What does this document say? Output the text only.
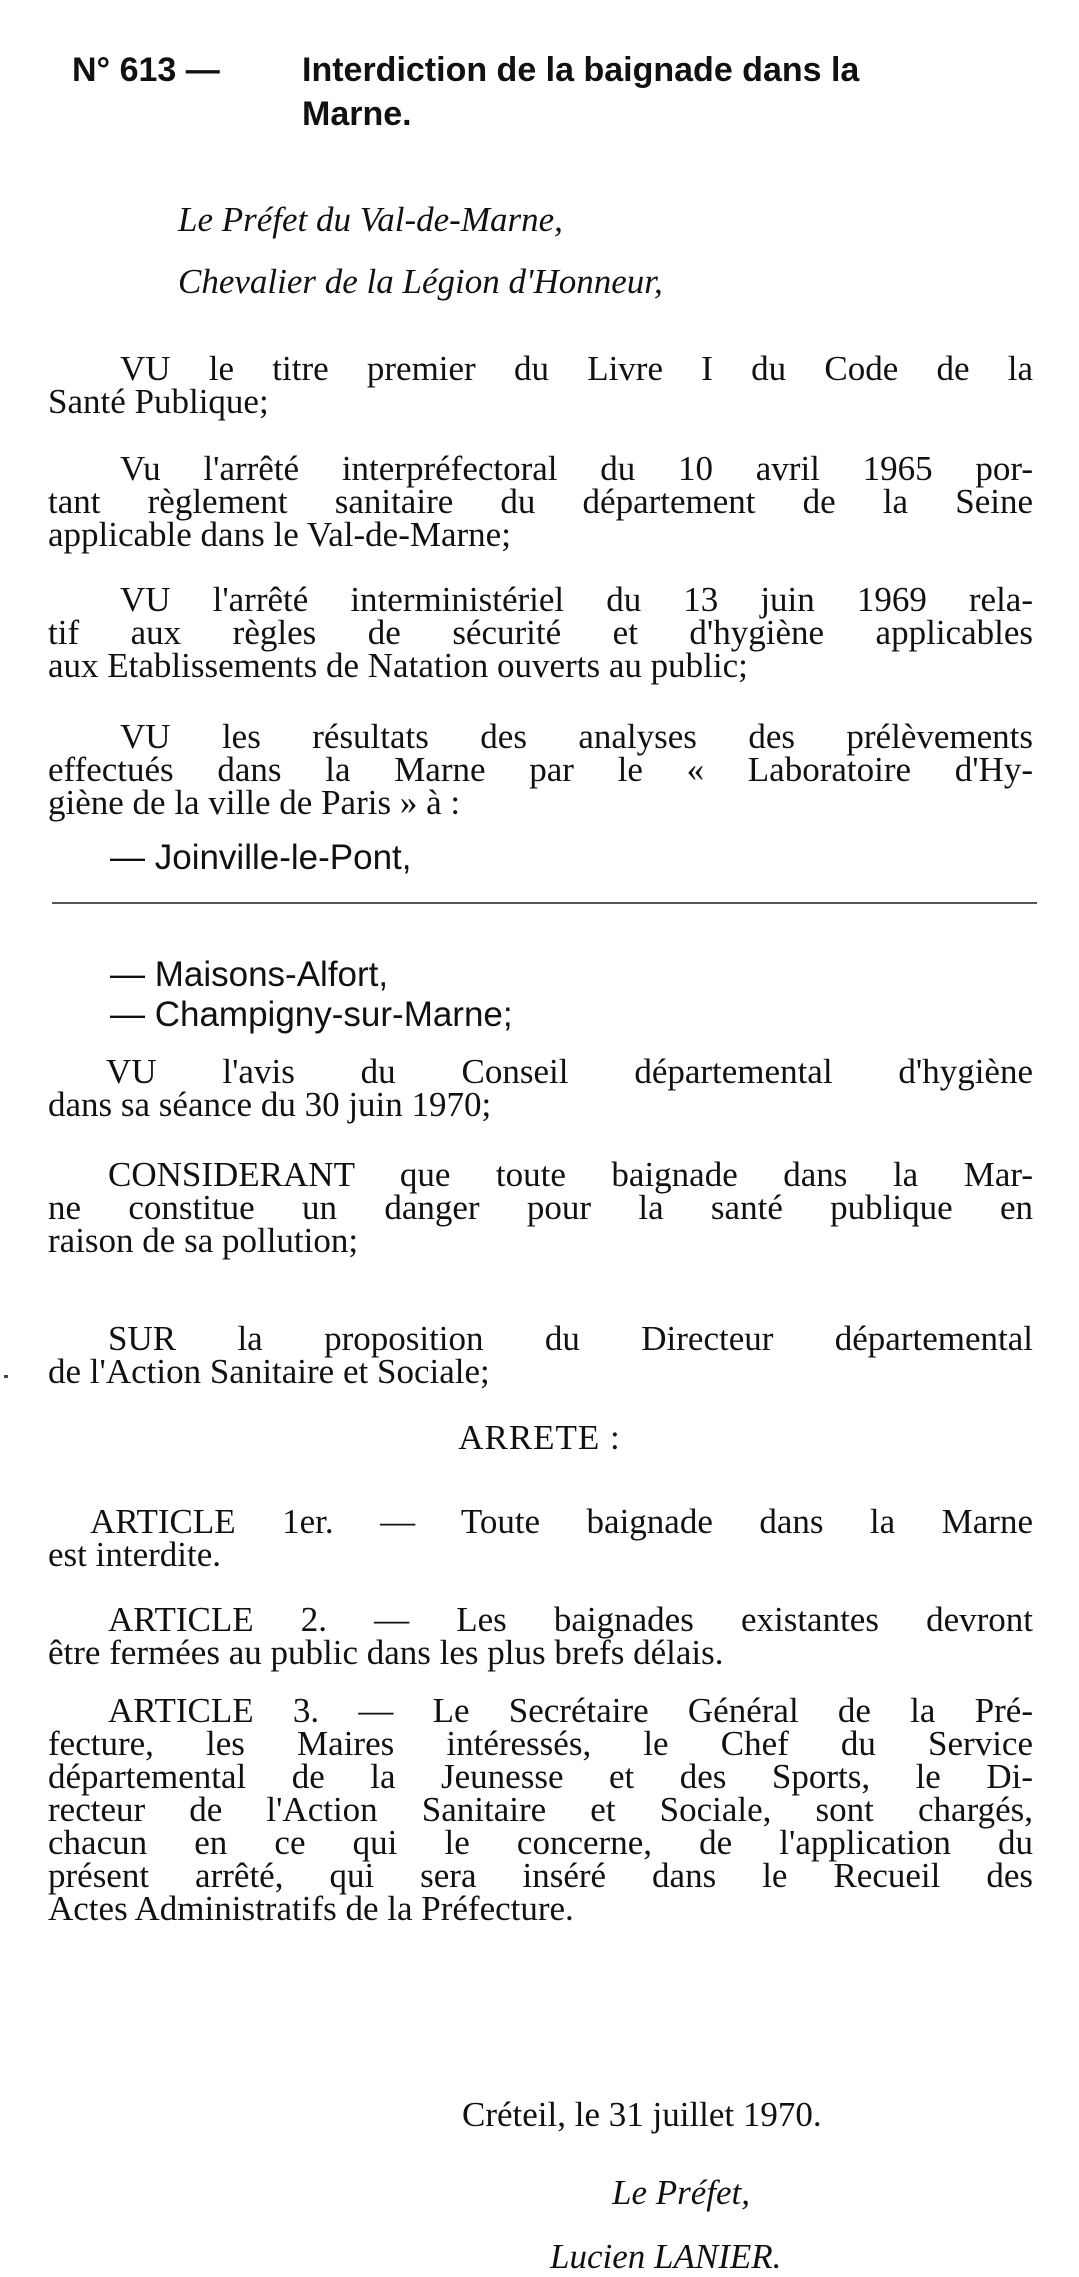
N° 613 — Interdiction de la baignade dans la
Marne.
Le Préfet du Val-de-Marne,
Chevalier de la Légion d'Honneur,
VU le titre premier du Livre I du Code de la
Santé Publique;
Vu l'arrêté interpréfectoral du 10 avril 1965 por-
tant règlement sanitaire du département de la Seine
applicable dans le Val-de-Marne;
VU l'arrêté interministériel du 13 juin 1969 rela-
tif aux règles de sécurité et d'hygiène applicables
aux Etablissements de Natation ouverts au public;
VU les résultats des analyses des prélèvements
effectués dans la Marne par le « Laboratoire d'Hy-
giène de la ville de Paris » à :
— Joinville-le-Pont,
— Maisons-Alfort,
— Champigny-sur-Marne;
VU l'avis du Conseil départemental d'hygiène
dans sa séance du 30 juin 1970;
CONSIDERANT que toute baignade dans la Mar-
ne constitue un danger pour la santé publique en
raison de sa pollution;
SUR la proposition du Directeur départemental
de l'Action Sanitaire et Sociale;
ARRETE :
ARTICLE 1er. — Toute baignade dans la Marne
est interdite.
ARTICLE 2. — Les baignades existantes devront
être fermées au public dans les plus brefs délais.
ARTICLE 3. — Le Secrétaire Général de la Pré-
fecture, les Maires intéressés, le Chef du Service
départemental de la Jeunesse et des Sports, le Di-
recteur de l'Action Sanitaire et Sociale, sont chargés,
chacun en ce qui le concerne, de l'application du
présent arrêté, qui sera inséré dans le Recueil des
Actes Administratifs de la Préfecture.
Créteil, le 31 juillet 1970.
Le Préfet,
Lucien LANIER.
